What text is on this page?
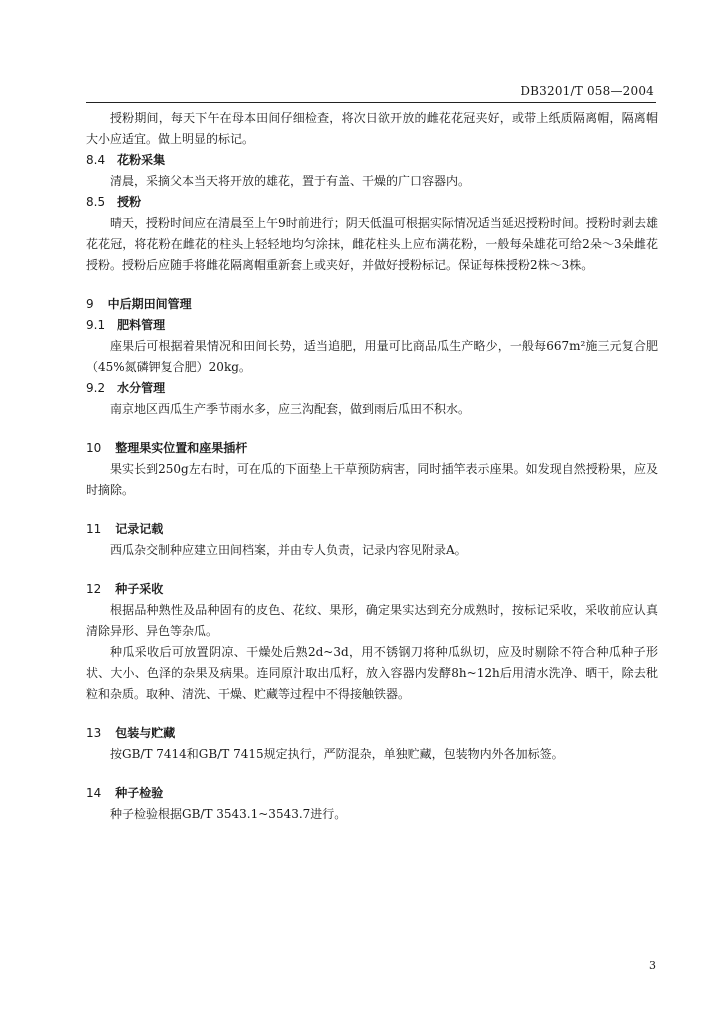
DB3201/T 058—2004

授粉期间，每天下午在母本田间仔细检查，将次日欲开放的雌花花冠夹好，或带上纸质隔离帽，隔离帽大小应适宜。做上明显的标记。

8.4 花粉采集

清晨，采摘父本当天将开放的雄花，置于有盖、干燥的广口容器内。

8.5 授粉

晴天，授粉时间应在清晨至上午9时前进行；阴天低温可根据实际情况适当延迟授粉时间。授粉时剥去雄花花冠，将花粉在雌花的柱头上轻轻地均匀涂抹，雌花柱头上应布满花粉，一般每朵雄花可给2朵～3朵雌花授粉。授粉后应随手将雌花隔离帽重新套上或夹好，并做好授粉标记。保证每株授粉2株～3株。

9 中后期田间管理

9.1 肥料管理

座果后可根据着果情况和田间长势，适当追肥，用量可比商品瓜生产略少，一般每667m²施三元复合肥（45%氮磷钾复合肥）20kg。

9.2 水分管理

南京地区西瓜生产季节雨水多，应三沟配套，做到雨后瓜田不积水。

10 整理果实位置和座果插杆

果实长到250g左右时，可在瓜的下面垫上干草预防病害，同时插竿表示座果。如发现自然授粉果，应及时摘除。

11 记录记载

西瓜杂交制种应建立田间档案，并由专人负责，记录内容见附录A。

12 种子采收

根据品种熟性及品种固有的皮色、花纹、果形，确定果实达到充分成熟时，按标记采收，采收前应认真清除异形、异色等杂瓜。

种瓜采收后可放置阴凉、干燥处后熟2d~3d，用不锈钢刀将种瓜纵切，应及时剔除不符合种瓜种子形状、大小、色泽的杂果及病果。连同原汁取出瓜籽，放入容器内发酵8h~12h后用清水洗净、晒干，除去秕粒和杂质。取种、清洗、干燥、贮藏等过程中不得接触铁器。

13 包装与贮藏

按GB/T 7414和GB/T 7415规定执行，严防混杂，单独贮藏，包装物内外各加标签。

14 种子检验

种子检验根据GB/T 3543.1~3543.7进行。

3
